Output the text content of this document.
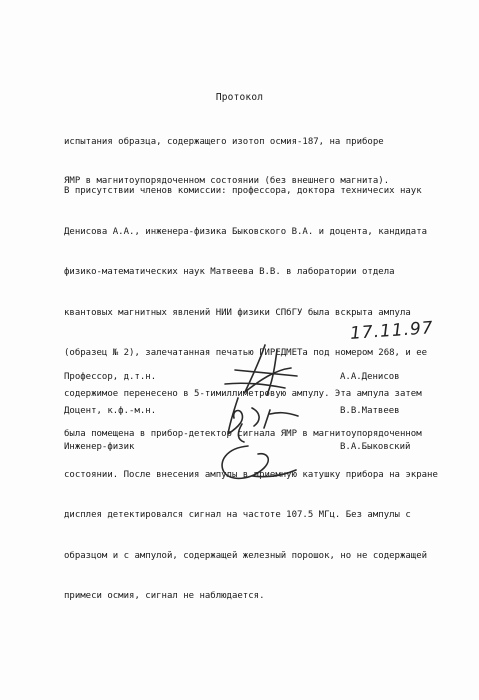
Протокол

испытания образца, содержащего изотоп осмия-187, на приборе

ЯМР в магнитоупорядоченном состоянии (без внешнего магнита).

В присутствии членов комиссии: профессора, доктора техничесих наук

Денисова А.А., инженера-физика Быковского В.А. и доцента, кандидата

физико-математических наук Матвеева В.В. в лаборатории отдела

квантовых магнитных явлений НИИ физики СПбГУ была вскрыта ампула

(образец № 2), залечатанная печатью ГИРЕДМЕТа под номером 268, и ее

содержимое перенесено в 5-тимиллиметровую ампулу. Эта ампула затем

была помещена в прибор-детектор сигнала ЯМР в магнитоупорядоченном

состоянии. После внесения ампулы в приемную катушку прибора на экране

дисплея детектировался сигнал на частоте 107.5 МГц. Без ампулы с

образцом и с ампулой, содержащей железный порошок, но не содержащей

примеси осмия, сигнал не наблюдается.

17.11.97
Профессор, д.т.н.	А.А.Денисов
Доцент, к.ф.-м.н.	В.В.Матвеев
Инженер-физик	В.А.Быковский
